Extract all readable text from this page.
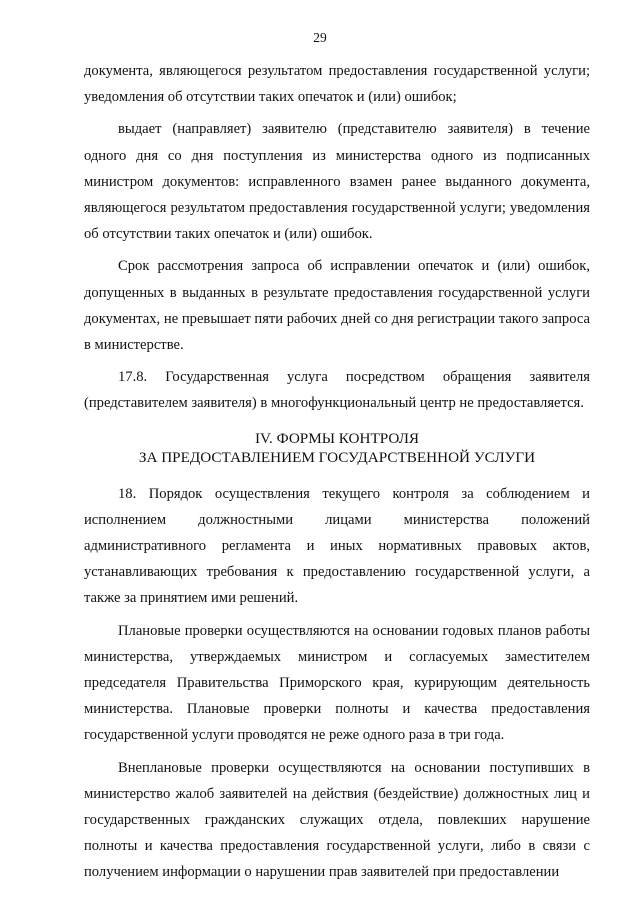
29

документа, являющегося результатом предоставления государственной услуги; уведомления об отсутствии таких опечаток и (или) ошибок;

выдает (направляет) заявителю (представителю заявителя) в течение одного дня со дня поступления из министерства одного из подписанных министром документов: исправленного взамен ранее выданного документа, являющегося результатом предоставления государственной услуги; уведомления об отсутствии таких опечаток и (или) ошибок.

Срок рассмотрения запроса об исправлении опечаток и (или) ошибок, допущенных в выданных в результате предоставления государственной услуги документах, не превышает пяти рабочих дней со дня регистрации такого запроса в министерстве.

17.8. Государственная услуга посредством обращения заявителя (представителем заявителя) в многофункциональный центр не предоставляется.

IV. ФОРМЫ КОНТРОЛЯ
ЗА ПРЕДОСТАВЛЕНИЕМ ГОСУДАРСТВЕННОЙ УСЛУГИ

18. Порядок осуществления текущего контроля за соблюдением и исполнением должностными лицами министерства положений административного регламента и иных нормативных правовых актов, устанавливающих требования к предоставлению государственной услуги, а также за принятием ими решений.

Плановые проверки осуществляются на основании годовых планов работы министерства, утверждаемых министром и согласуемых заместителем председателя Правительства Приморского края, курирующим деятельность министерства. Плановые проверки полноты и качества предоставления государственной услуги проводятся не реже одного раза в три года.

Внеплановые проверки осуществляются на основании поступивших в министерство жалоб заявителей на действия (бездействие) должностных лиц и государственных гражданских служащих отдела, повлекших нарушение полноты и качества предоставления государственной услуги, либо в связи с получением информации о нарушении прав заявителей при предоставлении
